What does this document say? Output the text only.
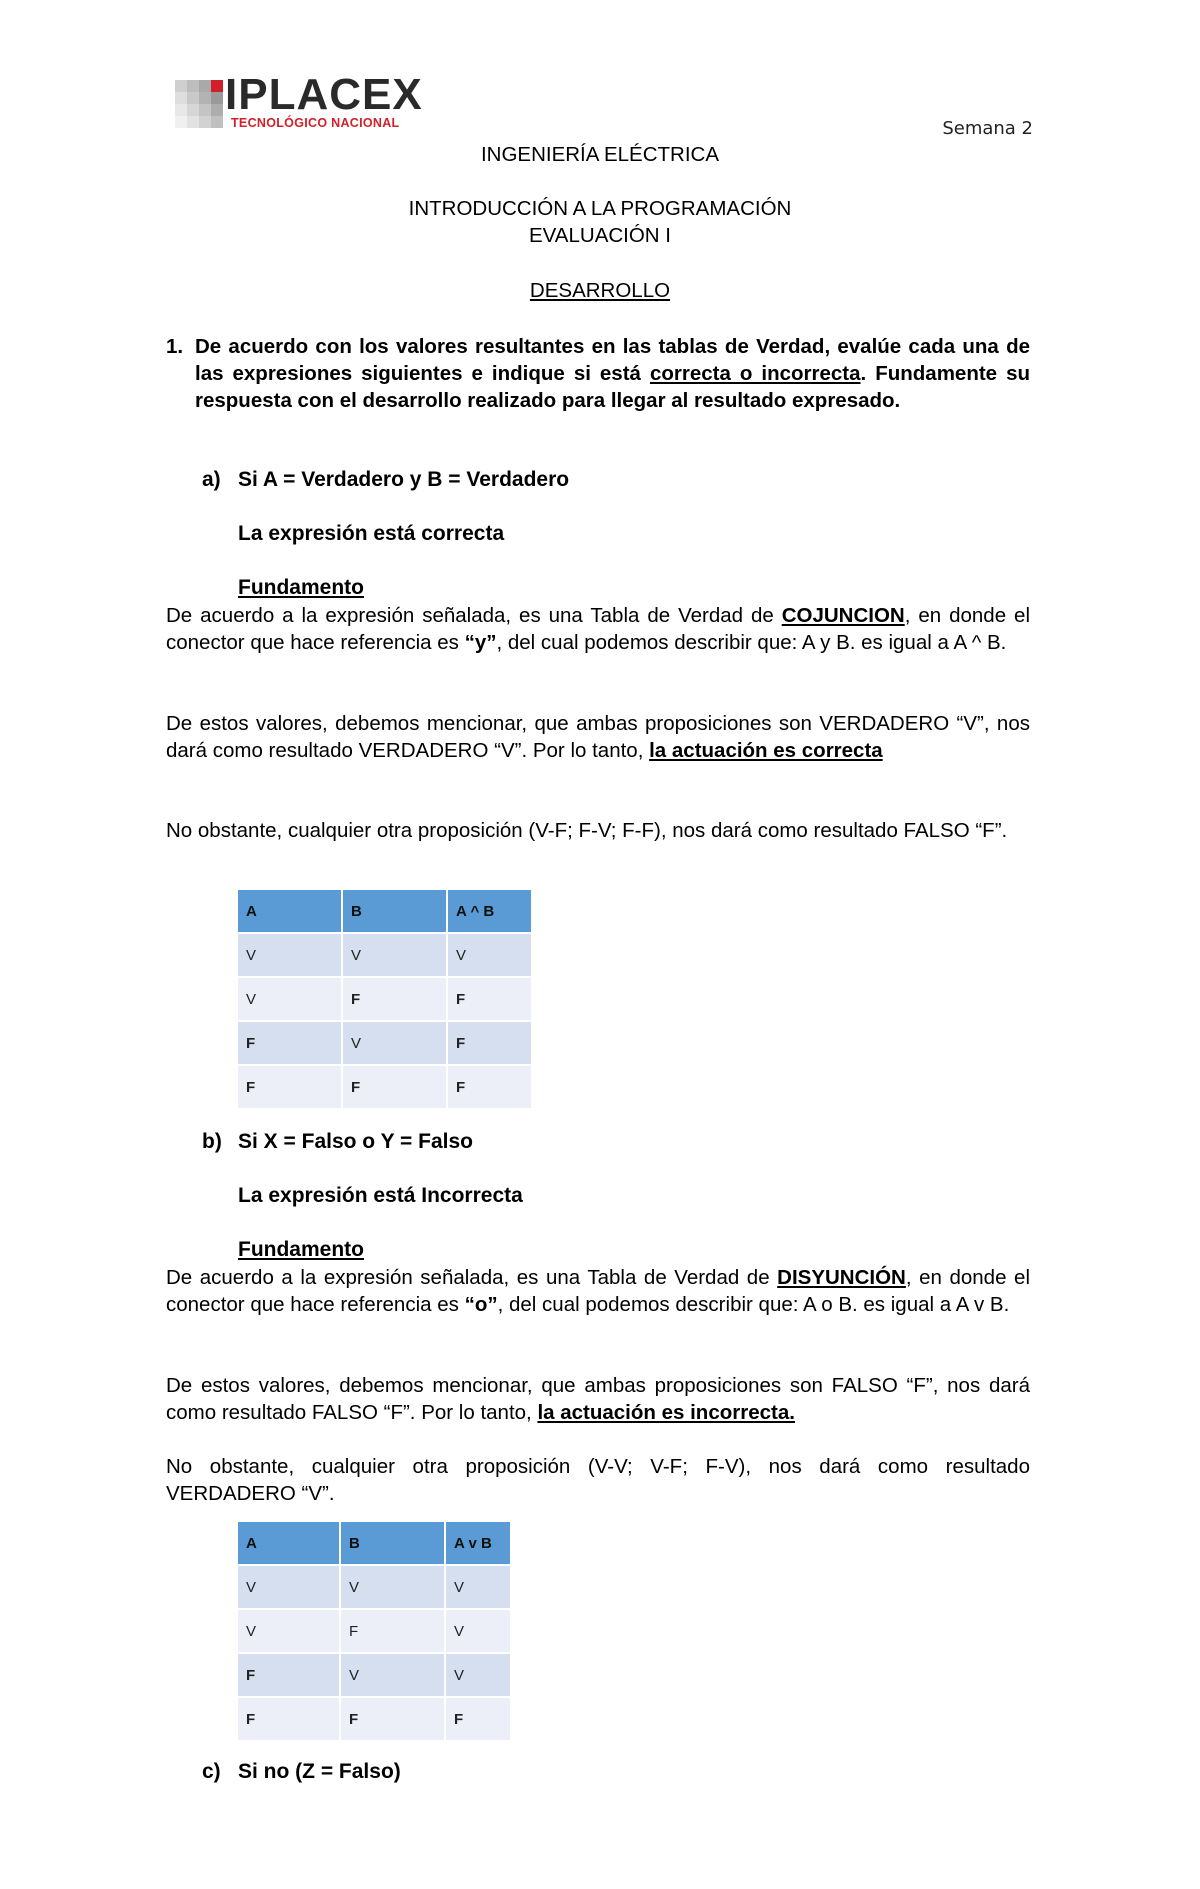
IPLACEX
TECNOLÓGICO NACIONAL	Semana 2
INGENIERÍA ELÉCTRICA
INTRODUCCIÓN A LA PROGRAMACIÓN
EVALUACIÓN I
DESARROLLO
1. De acuerdo con los valores resultantes en las tablas de Verdad, evalúe cada una de las expresiones siguientes e indique si está correcta o incorrecta. Fundamente su respuesta con el desarrollo realizado para llegar al resultado expresado.
a) Si A = Verdadero y B = Verdadero
La expresión está correcta
Fundamento
De acuerdo a la expresión señalada, es una Tabla de Verdad de COJUNCION, en donde el conector que hace referencia es “y”, del cual podemos describir que: A y B. es igual a A ^ B.
De estos valores, debemos mencionar, que ambas proposiciones son VERDADERO “V”, nos dará como resultado VERDADERO “V”. Por lo tanto, la actuación es correcta
No obstante, cualquier otra proposición (V-F; F-V; F-F), nos dará como resultado FALSO “F”.
A	B	A ^ B
V	V	V
V	F	F
F	V	F
F	F	F
b) Si X = Falso o Y = Falso
La expresión está Incorrecta
Fundamento
De acuerdo a la expresión señalada, es una Tabla de Verdad de DISYUNCIÓN, en donde el conector que hace referencia es “o”, del cual podemos describir que: A o B. es igual a A v B.
De estos valores, debemos mencionar, que ambas proposiciones son FALSO “F”, nos dará como resultado FALSO “F”. Por lo tanto, la actuación es incorrecta.
No obstante, cualquier otra proposición (V-V; V-F; F-V), nos dará como resultado VERDADERO “V”.
A	B	A v B
V	V	V
V	F	V
F	V	V
F	F	F
c) Si no (Z = Falso)
